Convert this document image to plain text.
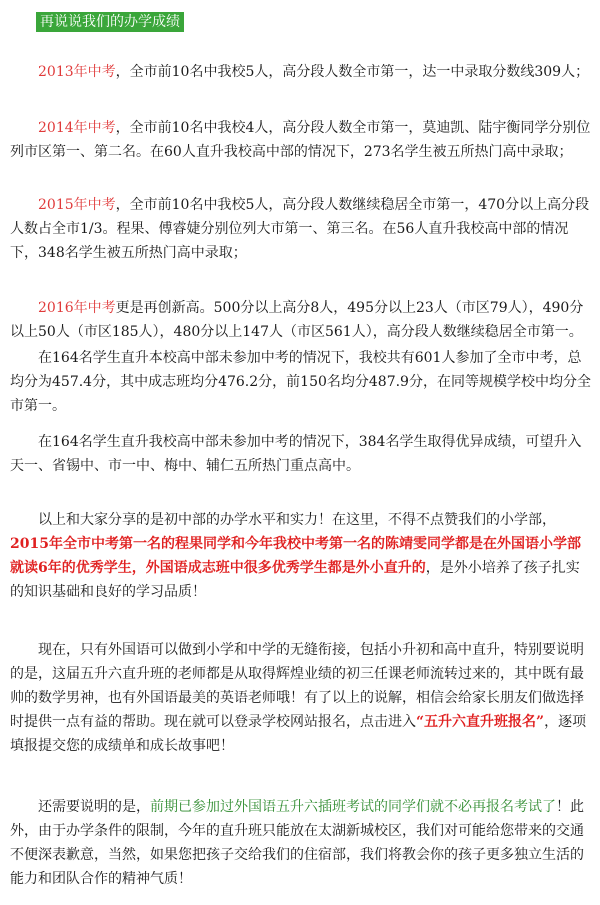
再说说我们的办学成绩

2013年中考，全市前10名中我校5人，高分段人数全市第一，达一中录取分数线309人；

2014年中考，全市前10名中我校4人，高分段人数全市第一，莫迪凯、陆宇衡同学分别位列市区第一、第二名。在60人直升我校高中部的情况下，273名学生被五所热门高中录取；

2015年中考，全市前10名中我校5人，高分段人数继续稳居全市第一，470分以上高分段人数占全市1/3。程果、傅睿婕分别位列大市第一、第三名。在56人直升我校高中部的情况下，348名学生被五所热门高中录取；

2016年中考更是再创新高。500分以上高分8人，495分以上23人（市区79人），490分以上50人（市区185人），480分以上147人（市区561人），高分段人数继续稳居全市第一。

在164名学生直升本校高中部未参加中考的情况下，我校共有601人参加了全市中考，总均分为457.4分，其中成志班均分476.2分，前150名均分487.9分，在同等规模学校中均分全市第一。

在164名学生直升我校高中部未参加中考的情况下，384名学生取得优异成绩，可望升入天一、省锡中、市一中、梅中、辅仁五所热门重点高中。

以上和大家分享的是初中部的办学水平和实力！在这里，不得不点赞我们的小学部，2015年全市中考第一名的程果同学和今年我校中考第一名的陈靖雯同学都是在外国语小学部就读6年的优秀学生，外国语成志班中很多优秀学生都是外小直升的，是外小培养了孩子扎实的知识基础和良好的学习品质！

现在，只有外国语可以做到小学和中学的无缝衔接，包括小升初和高中直升，特别要说明的是，这届五升六直升班的老师都是从取得辉煌业绩的初三任课老师流转过来的，其中既有最帅的数学男神，也有外国语最美的英语老师哦！有了以上的说解，相信会给家长朋友们做选择时提供一点有益的帮助。现在就可以登录学校网站报名，点击进入“五升六直升班报名”，逐项填报提交您的成绩单和成长故事吧！

还需要说明的是，前期已参加过外国语五升六插班考试的同学们就不必再报名考试了！此外，由于办学条件的限制，今年的直升班只能放在太湖新城校区，我们对可能给您带来的交通不便深表歉意，当然，如果您把孩子交给我们的住宿部，我们将教会你的孩子更多独立生活的能力和团队合作的精神气质！
